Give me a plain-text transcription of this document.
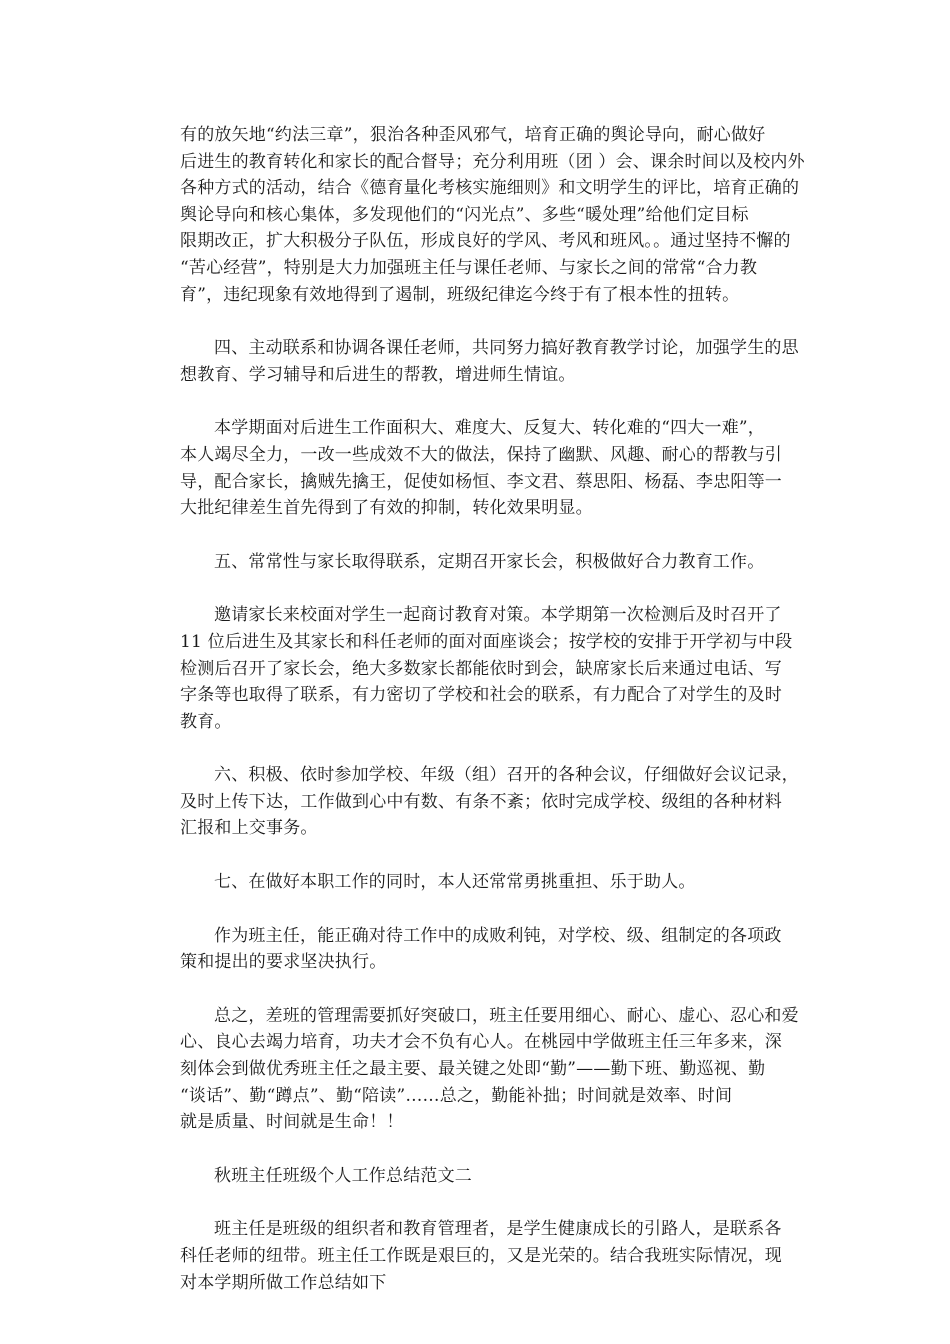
有的放矢地“约法三章”，狠治各种歪风邪气，培育正确的舆论导向，耐心做好
后进生的教育转化和家长的配合督导；充分利用班（团 ）会、课余时间以及校内外
各种方式的活动，结合《德育量化考核实施细则》和文明学生的评比，培育正确的
舆论导向和核心集体，多发现他们的“闪光点”、多些“暖处理”给他们定目标
限期改正，扩大积极分子队伍，形成良好的学风、考风和班风。。通过坚持不懈的
“苦心经营”，特别是大力加强班主任与课任老师、与家长之间的常常“合力教
育”，违纪现象有效地得到了遏制，班级纪律迄今终于有了根本性的扭转。
四、主动联系和协调各课任老师，共同努力搞好教育教学讨论，加强学生的思
想教育、学习辅导和后进生的帮教，增进师生情谊。
本学期面对后进生工作面积大、难度大、反复大、转化难的“四大一难”，
本人竭尽全力，一改一些成效不大的做法，保持了幽默、风趣、耐心的帮教与引
导，配合家长，擒贼先擒王，促使如杨恒、李文君、蔡思阳、杨磊、李忠阳等一
大批纪律差生首先得到了有效的抑制，转化效果明显。
五、常常性与家长取得联系，定期召开家长会，积极做好合力教育工作。
邀请家长来校面对学生一起商讨教育对策。本学期第一次检测后及时召开了
11 位后进生及其家长和科任老师的面对面座谈会；按学校的安排于开学初与中段
检测后召开了家长会，绝大多数家长都能依时到会，缺席家长后来通过电话、写
字条等也取得了联系，有力密切了学校和社会的联系，有力配合了对学生的及时
教育。
六、积极、依时参加学校、年级（组）召开的各种会议，仔细做好会议记录，
及时上传下达，工作做到心中有数、有条不紊；依时完成学校、级组的各种材料
汇报和上交事务。
七、在做好本职工作的同时，本人还常常勇挑重担、乐于助人。
作为班主任，能正确对待工作中的成败利钝，对学校、级、组制定的各项政
策和提出的要求坚决执行。
总之，差班的管理需要抓好突破口，班主任要用细心、耐心、虚心、忍心和爱
心、良心去竭力培育，功夫才会不负有心人。在桃园中学做班主任三年多来，深
刻体会到做优秀班主任之最主要、最关键之处即“勤”——勤下班、勤巡视、勤
“谈话”、勤“蹲点”、勤“陪读”……总之，勤能补拙；时间就是效率、时间
就是质量、时间就是生命！！
秋班主任班级个人工作总结范文二
班主任是班级的组织者和教育管理者，是学生健康成长的引路人，是联系各
科任老师的纽带。班主任工作既是艰巨的，又是光荣的。结合我班实际情况，现
对本学期所做工作总结如下
